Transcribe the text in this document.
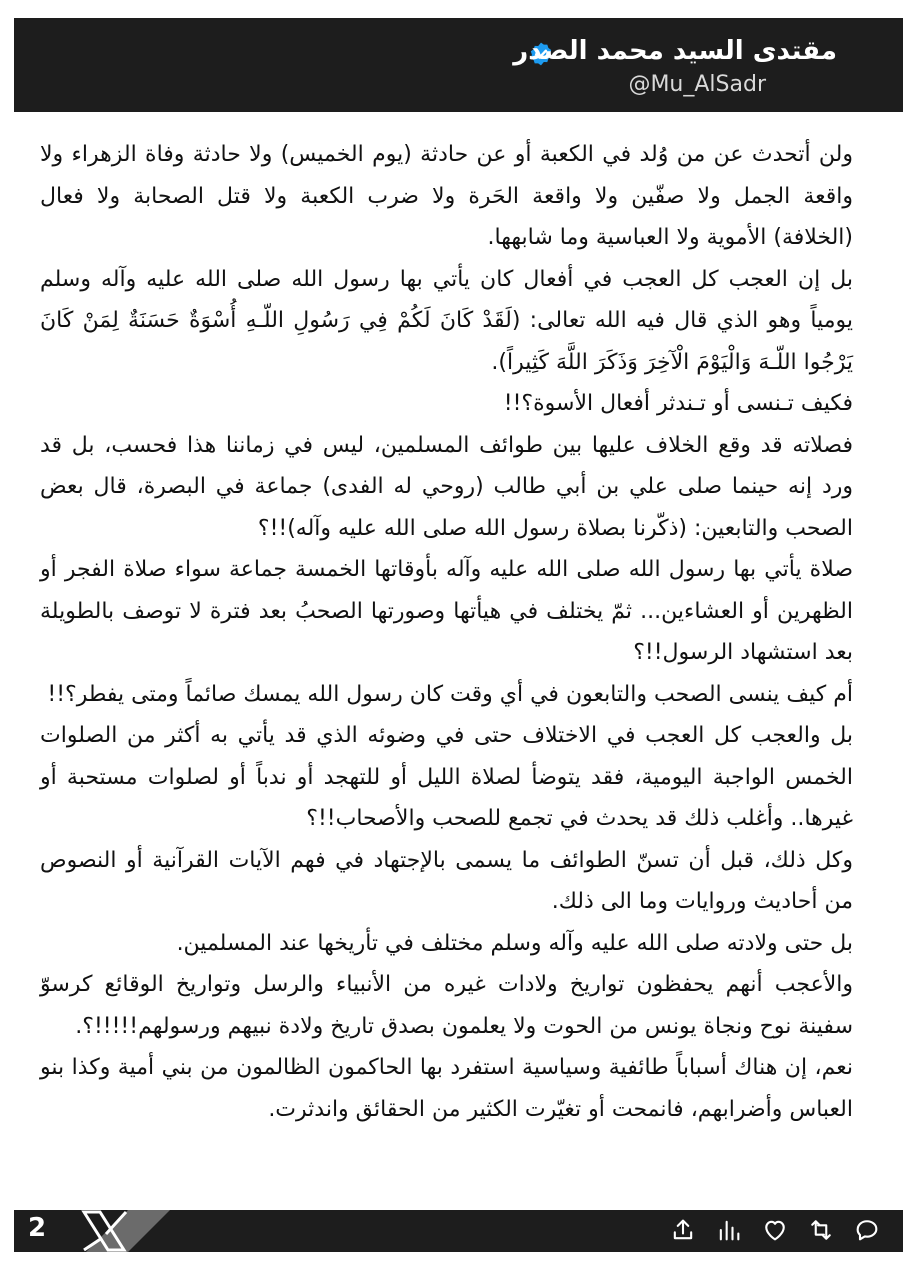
مقتدى السيد محمد الصدر
@Mu_AlSadr

ولن أتحدث عن من وُلد في الكعبة أو عن حادثة (يوم الخميس) ولا حادثة وفاة الزهراء ولا واقعة الجمل ولا صفّين ولا واقعة الحَرة ولا ضرب الكعبة ولا قتل الصحابة ولا فعال (الخلافة) الأموية ولا العباسية وما شابهها.

بل إن العجب كل العجب في أفعال كان يأتي بها رسول الله صلى الله عليه وآله وسلم يومياً وهو الذي قال فيه الله تعالى: (لَقَدْ كَانَ لَكُمْ فِي رَسُولِ اللّـهِ أُسْوَةٌ حَسَنَةٌ لِمَنْ كَانَ يَرْجُوا اللّـهَ وَالْيَوْمَ الْآخِرَ وَذَكَرَ اللَّهَ كَثِيراً).

فكيف تـنسى أو تـندثر أفعال الأسوة؟!!

فصلاته قد وقع الخلاف عليها بين طوائف المسلمين، ليس في زماننا هذا فحسب، بل قد ورد إنه حينما صلى علي بن أبي طالب (روحي له الفدى) جماعة في البصرة، قال بعض الصحب والتابعين: (ذكّرنا بصلاة رسول الله صلى الله عليه وآله)!!؟

صلاة يأتي بها رسول الله صلى الله عليه وآله بأوقاتها الخمسة جماعة سواء صلاة الفجر أو الظهرين أو العشاءين... ثمّ يختلف في هيأتها وصورتها الصحبُ بعد فترة لا توصف بالطويلة بعد استشهاد الرسول!!؟

أم كيف ينسى الصحب والتابعون في أي وقت كان رسول الله يمسك صائماً ومتى يفطر؟!!

بل والعجب كل العجب في الاختلاف حتى في وضوئه الذي قد يأتي به أكثر من الصلوات الخمس الواجبة اليومية، فقد يتوضأ لصلاة الليل أو للتهجد أو ندباً أو لصلوات مستحبة أو غيرها.. وأغلب ذلك قد يحدث في تجمع للصحب والأصحاب!!؟

وكل ذلك، قبل أن تسنّ الطوائف ما يسمى بالإجتهاد في فهم الآيات القرآنية أو النصوص من أحاديث وروايات وما الى ذلك.

بل حتى ولادته صلى الله عليه وآله وسلم مختلف في تأريخها عند المسلمين.

والأعجب أنهم يحفظون تواريخ ولادات غيره من الأنبياء والرسل وتواريخ الوقائع كرسوّ سفينة نوح ونجاة يونس من الحوت ولا يعلمون بصدق تاريخ ولادة نبيهم ورسولهم!!!!!؟.

نعم، إن هناك أسباباً طائفية وسياسية استفرد بها الحاكمون الظالمون من بني أمية وكذا بنو العباس وأضرابهم، فانمحت أو تغيّرت الكثير من الحقائق واندثرت.

2
